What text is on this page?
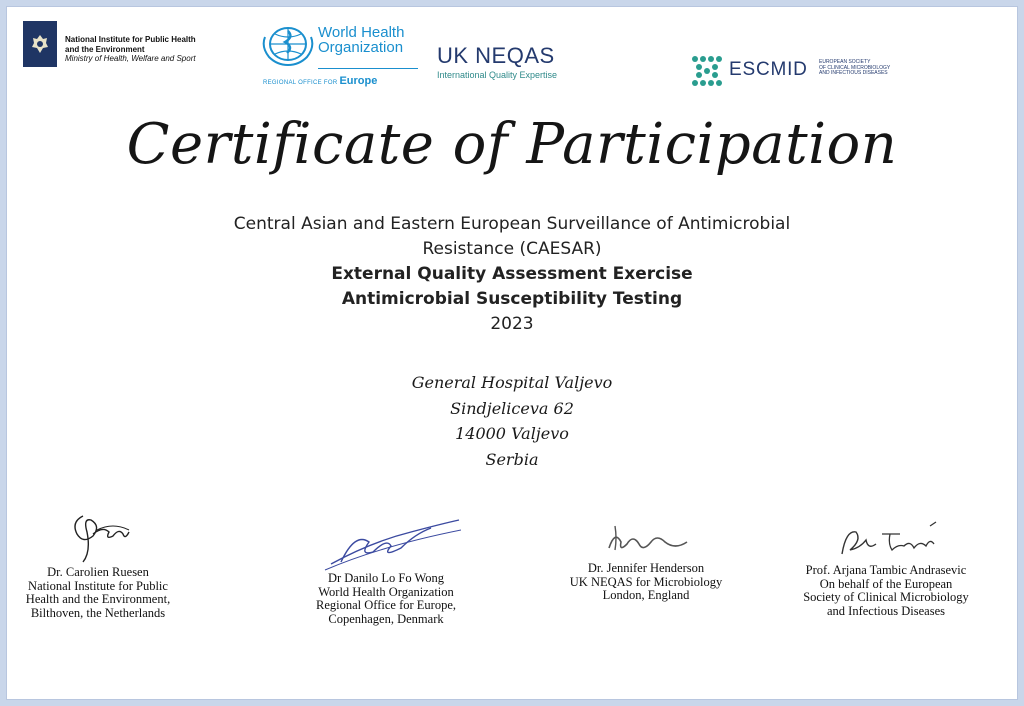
National Institute for Public Health
and the Environment
Ministry of Health, Welfare and Sport
World Health
Organization
REGIONAL OFFICE FOR Europe
UK NEQAS
International Quality Expertise	ESCMID EUROPEAN SOCIETY
OF CLINICAL MICROBIOLOGY
AND INFECTIOUS DISEASES
Certificate of Participation
Central Asian and Eastern European Surveillance of Antimicrobial
Resistance (CAESAR)
External Quality Assessment Exercise
Antimicrobial Susceptibility Testing
2023
General Hospital Valjevo
Sindjeliceva 62
14000 Valjevo
Serbia
Dr. Carolien Ruesen
National Institute for Public
Health and the Environment,
Bilthoven, the Netherlands
Dr Danilo Lo Fo Wong
World Health Organization
Regional Office for Europe,
Copenhagen, Denmark
Dr. Jennifer Henderson
UK NEQAS for Microbiology
London, England
Prof. Arjana Tambic Andrasevic
On behalf of the European
Society of Clinical Microbiology
and Infectious Diseases
